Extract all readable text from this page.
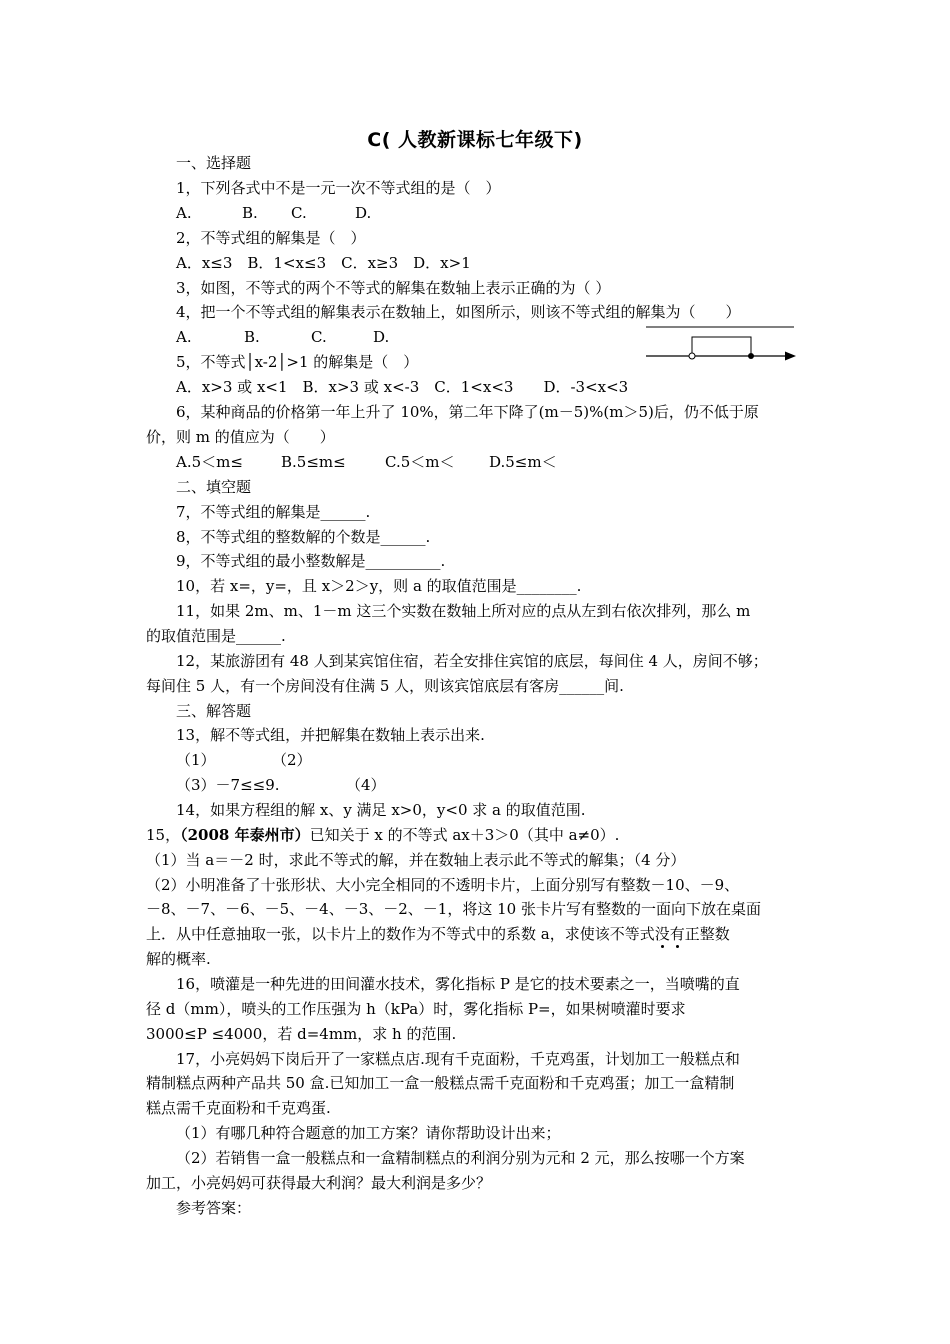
C( 人教新课标七年级下)
一、选择题
1，下列各式中不是一元一次不等式组的是（　）
A.	B. C.	D.
2，不等式组的解集是（　）
A．x≤3　B．1<x≤3　C．x≥3　D．x>1
3，如图，不等式的两个不等式的解集在数轴上表示正确的为（ ）
4，把一个不等式组的解集表示在数轴上，如图所示，则该不等式组的解集为（　　）
A.	B.	C.	D.
5，不等式│x-2│>1 的解集是（　）
A．x>3 或 x<1　B．x>3 或 x<-3　C．1<x<3　　D．-3<x<3
6，某种商品的价格第一年上升了 10%，第二年下降了(m－5)%(m＞5)后，仍不低于原
价，则 m 的值应为（　　）
A.5＜m≤	B.5≤m≤	C.5＜m＜ D.5≤m＜
二、填空题
7，不等式组的解集是______.
8，不等式组的整数解的个数是______.
9，不等式组的最小整数解是__________.
10，若 x=，y=，且 x＞2＞y，则 a 的取值范围是________.
11，如果 2m、m、1－m 这三个实数在数轴上所对应的点从左到右依次排列，那么 m
的取值范围是______.
12，某旅游团有 48 人到某宾馆住宿，若全安排住宾馆的底层，每间住 4 人，房间不够；
每间住 5 人，有一个房间没有住满 5 人，则该宾馆底层有客房______间.
三、解答题
13，解不等式组，并把解集在数轴上表示出来.
（1）	（2）
（3）－7≤≤9.	（4）
14，如果方程组的解 x、y 满足 x>0，y<0 求 a 的取值范围.
15，（2008 年泰州市）已知关于 x 的不等式 ax＋3＞0（其中 a≠0）.
（1）当 a＝－2 时，求此不等式的解，并在数轴上表示此不等式的解集；（4 分）
（2）小明准备了十张形状、大小完全相同的不透明卡片，上面分别写有整数－10、－9、
－8、－7、－6、－5、－4、－3、－2、－1，将这 10 张卡片写有整数的一面向下放在桌面
上．从中任意抽取一张，以卡片上的数作为不等式中的系数 a，求使该不等式没有正整数
解的概率.
16，喷灌是一种先进的田间灌水技术，雾化指标 P 是它的技术要素之一，当喷嘴的直
径 d（mm），喷头的工作压强为 h（kPa）时，雾化指标 P=，如果树喷灌时要求
3000≤P ≤4000，若 d=4mm，求 h 的范围.
17，小亮妈妈下岗后开了一家糕点店.现有千克面粉，千克鸡蛋，计划加工一般糕点和
精制糕点两种产品共 50 盒.已知加工一盒一般糕点需千克面粉和千克鸡蛋；加工一盒精制
糕点需千克面粉和千克鸡蛋.
（1）有哪几种符合题意的加工方案？请你帮助设计出来；
（2）若销售一盒一般糕点和一盒精制糕点的利润分别为元和 2 元，那么按哪一个方案
加工，小亮妈妈可获得最大利润？最大利润是多少？
参考答案：
